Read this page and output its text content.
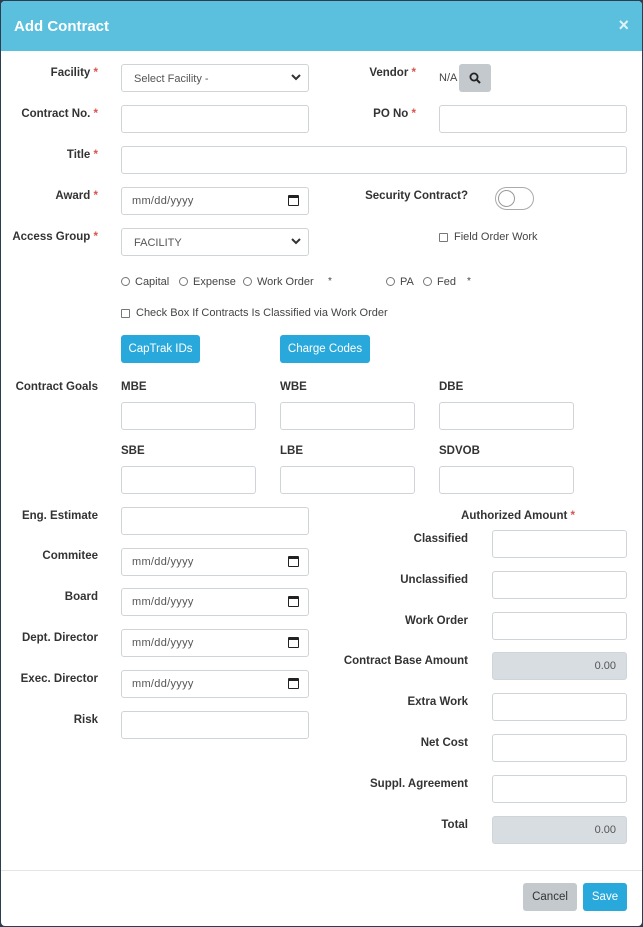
Add Contract	×
Facility *	Select Facility -	Vendor * N/A
Contract No. *	PO No *
Title *
Award *	mm/dd/yyyy	Security Contract?
Access Group *	FACILITY	Field Order Work
Capital Expense Work Order *	PA Fed *
Check Box If Contracts Is Classified via Work Order
CapTrak IDs	Charge Codes
Contract Goals MBE	WBE	DBE
SBE	LBE	SDVOB
Eng. Estimate
Commitee	mm/dd/yyyy
Board	mm/dd/yyyy
Dept. Director	mm/dd/yyyy
Exec. Director	mm/dd/yyyy
Risk
Authorized Amount *
Classified
Unclassified
Work Order
Contract Base Amount	0.00
Extra Work
Net Cost
Suppl. Agreement
Total	0.00
Cancel	Save
